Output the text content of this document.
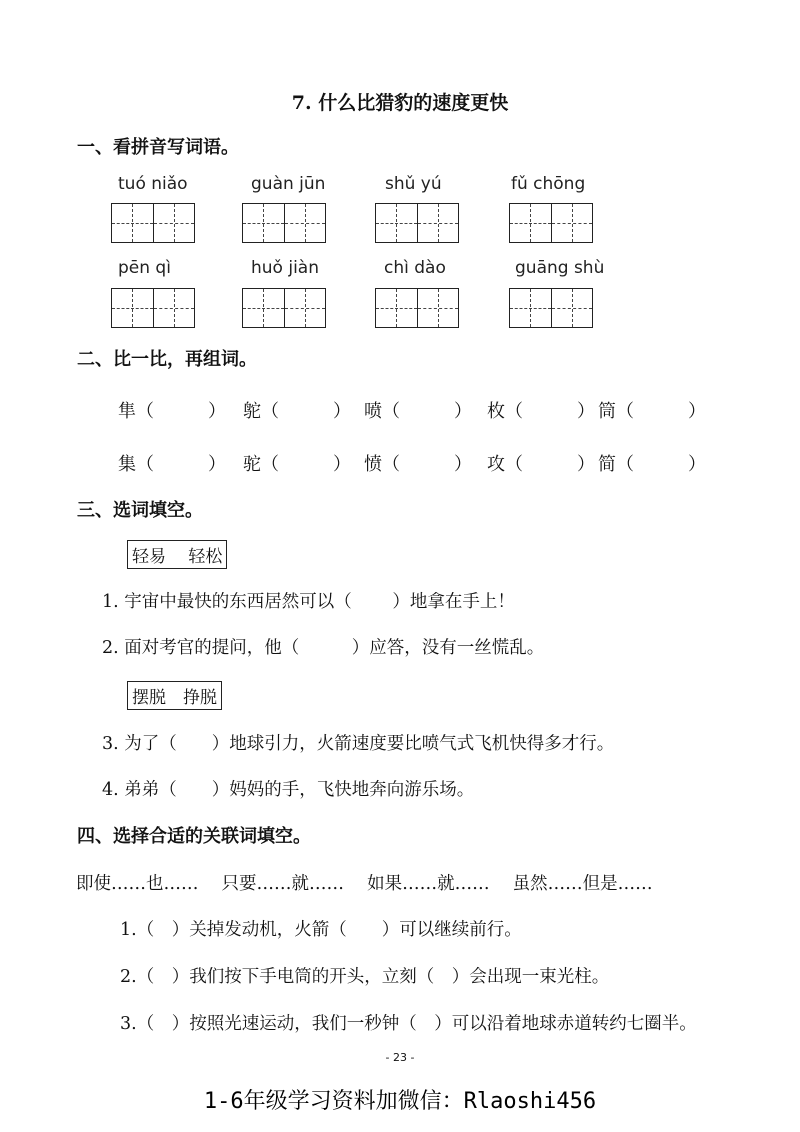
7. 什么比猎豹的速度更快
一、看拼音写词语。
tuó niǎo	guàn jūn	shǔ yú	fǔ chōng
pēn qì	huǒ jiàn	chì dào	guāng shù
二、比一比，再组词。
隼（　　　） 鸵（　　　） 喷（　　　） 枚（　　　） 筒（　　　）
集（　　　） 驼（　　　） 愤（　　　） 攻（　　　） 简（　　　）
三、选词填空。
轻易　 轻松
1. 宇宙中最快的东西居然可以（　　 ）地拿在手上！
2. 面对考官的提问，他（　　　）应答，没有一丝慌乱。
摆脱　挣脱
3. 为了（　　）地球引力，火箭速度要比喷气式飞机快得多才行。
4. 弟弟（　　）妈妈的手，飞快地奔向游乐场。
四、选择合适的关联词填空。
即使……也……　 只要……就……　 如果……就……　 虽然……但是……
1.（　）关掉发动机，火箭（　　）可以继续前行。
2.（　）我们按下手电筒的开头，立刻（　）会出现一束光柱。
3.（　）按照光速运动，我们一秒钟（　）可以沿着地球赤道转约七圈半。
- 23 -
1-6年级学习资料加微信：Rlaoshi456
